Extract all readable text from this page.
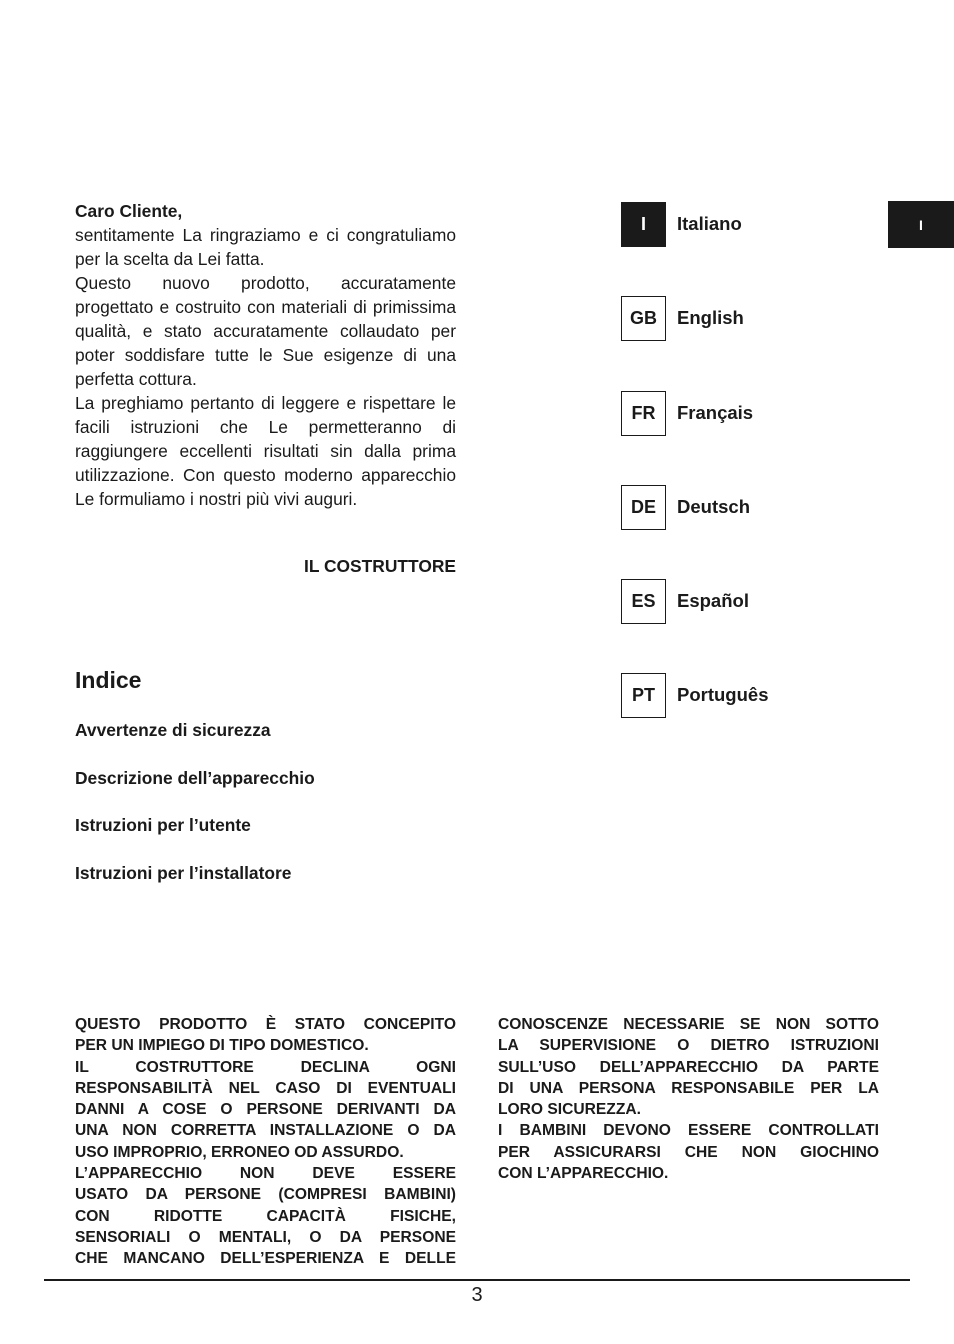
Caro Cliente,

sentitamente La ringraziamo e ci congratuliamo per la scelta da Lei fatta.

Questo nuovo prodotto, accuratamente progettato e costruito con materiali di primissima qualità, e stato accuratamente collaudato per poter soddisfare tutte le Sue esigenze di una perfetta cottura.

La preghiamo pertanto di leggere e rispettare le facili istruzioni che Le permetteranno di raggiungere eccellenti risultati sin dalla prima utilizzazione. Con questo moderno apparecchio Le formuliamo i nostri più vivi auguri.

IL COSTRUTTORE
Indice
Avvertenze di sicurezza
Descrizione dell’apparecchio
Istruzioni per l’utente
Istruzioni per l’installatore
I	Italiano
GB	English
FR	Français
DE	Deutsch
ES	Español
PT	Português
I

QUESTO PRODOTTO È STATO CONCEPITO

PER UN IMPIEGO DI TIPO DOMESTICO.

IL COSTRUTTORE DECLINA OGNI

RESPONSABILITÀ NEL CASO DI EVENTUALI

DANNI A COSE O PERSONE DERIVANTI DA

UNA NON CORRETTA INSTALLAZIONE O DA

USO IMPROPRIO, ERRONEO OD ASSURDO.

L’APPARECCHIO NON DEVE ESSERE

USATO DA PERSONE (COMPRESI BAMBINI)

CON RIDOTTE CAPACITÀ FISICHE,

SENSORIALI O MENTALI, O DA PERSONE

CHE MANCANO DELL’ESPERIENZA E DELLE

CONOSCENZE NECESSARIE SE NON SOTTO

LA SUPERVISIONE O DIETRO ISTRUZIONI

SULL’USO DELL’APPARECCHIO DA PARTE

DI UNA PERSONA RESPONSABILE PER LA

LORO SICUREZZA.

I BAMBINI DEVONO ESSERE CONTROLLATI

PER ASSICURARSI CHE NON GIOCHINO

CON L’APPARECCHIO.

3
